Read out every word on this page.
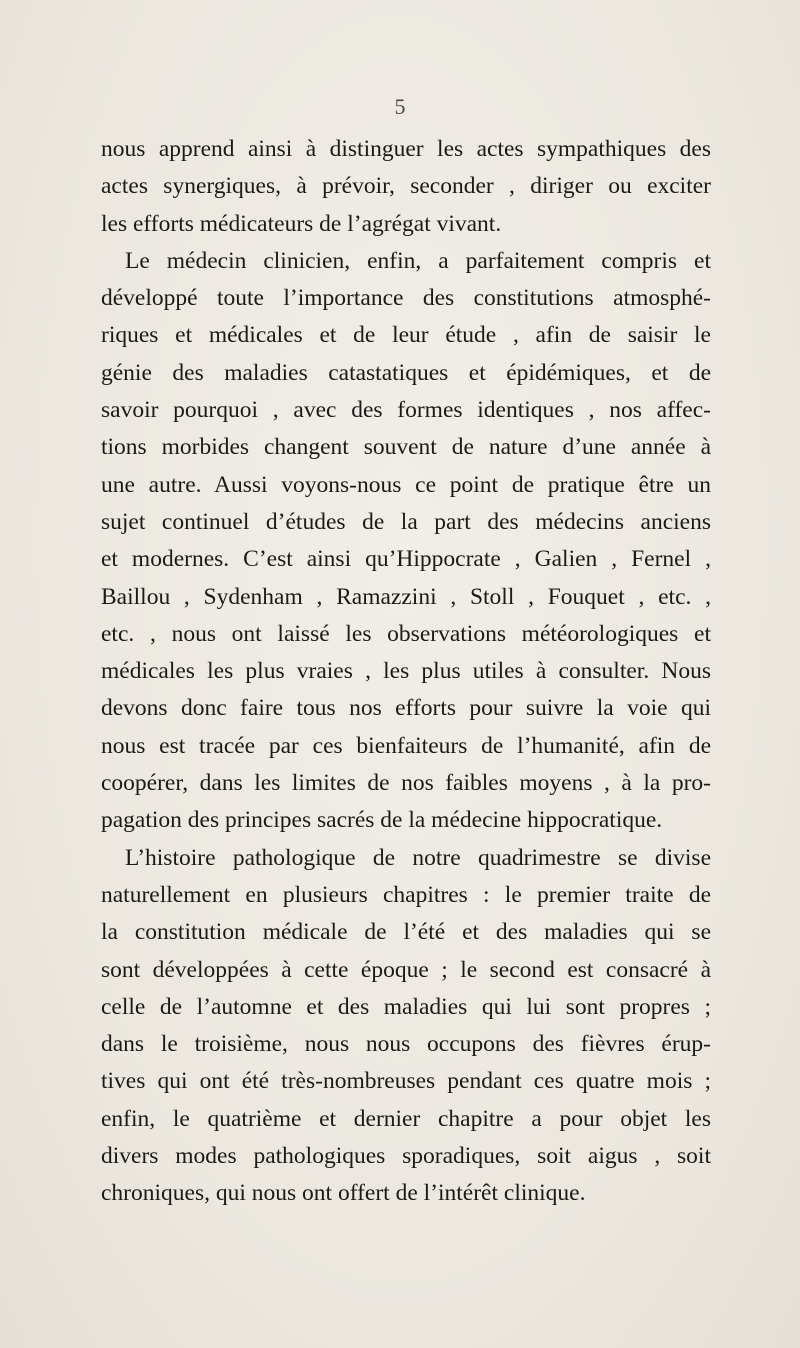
5
nous apprend ainsi à distinguer les actes sympathiques des
actes synergiques, à prévoir, seconder , diriger ou exciter
les efforts médicateurs de l’agrégat vivant.
Le médecin clinicien, enfin, a parfaitement compris et
développé toute l’importance des constitutions atmosphé-
riques et médicales et de leur étude , afin de saisir le
génie des maladies catastatiques et épidémiques, et de
savoir pourquoi , avec des formes identiques , nos affec-
tions morbides changent souvent de nature d’une année à
une autre. Aussi voyons-nous ce point de pratique être un
sujet continuel d’études de la part des médecins anciens
et modernes. C’est ainsi qu’Hippocrate , Galien , Fernel ,
Baillou , Sydenham , Ramazzini , Stoll , Fouquet , etc. ,
etc. , nous ont laissé les observations météorologiques et
médicales les plus vraies , les plus utiles à consulter. Nous
devons donc faire tous nos efforts pour suivre la voie qui
nous est tracée par ces bienfaiteurs de l’humanité, afin de
coopérer, dans les limites de nos faibles moyens , à la pro-
pagation des principes sacrés de la médecine hippocratique.
L’histoire pathologique de notre quadrimestre se divise
naturellement en plusieurs chapitres : le premier traite de
la constitution médicale de l’été et des maladies qui se
sont développées à cette époque ; le second est consacré à
celle de l’automne et des maladies qui lui sont propres ;
dans le troisième, nous nous occupons des fièvres érup-
tives qui ont été très-nombreuses pendant ces quatre mois ;
enfin, le quatrième et dernier chapitre a pour objet les
divers modes pathologiques sporadiques, soit aigus , soit
chroniques, qui nous ont offert de l’intérêt clinique.
